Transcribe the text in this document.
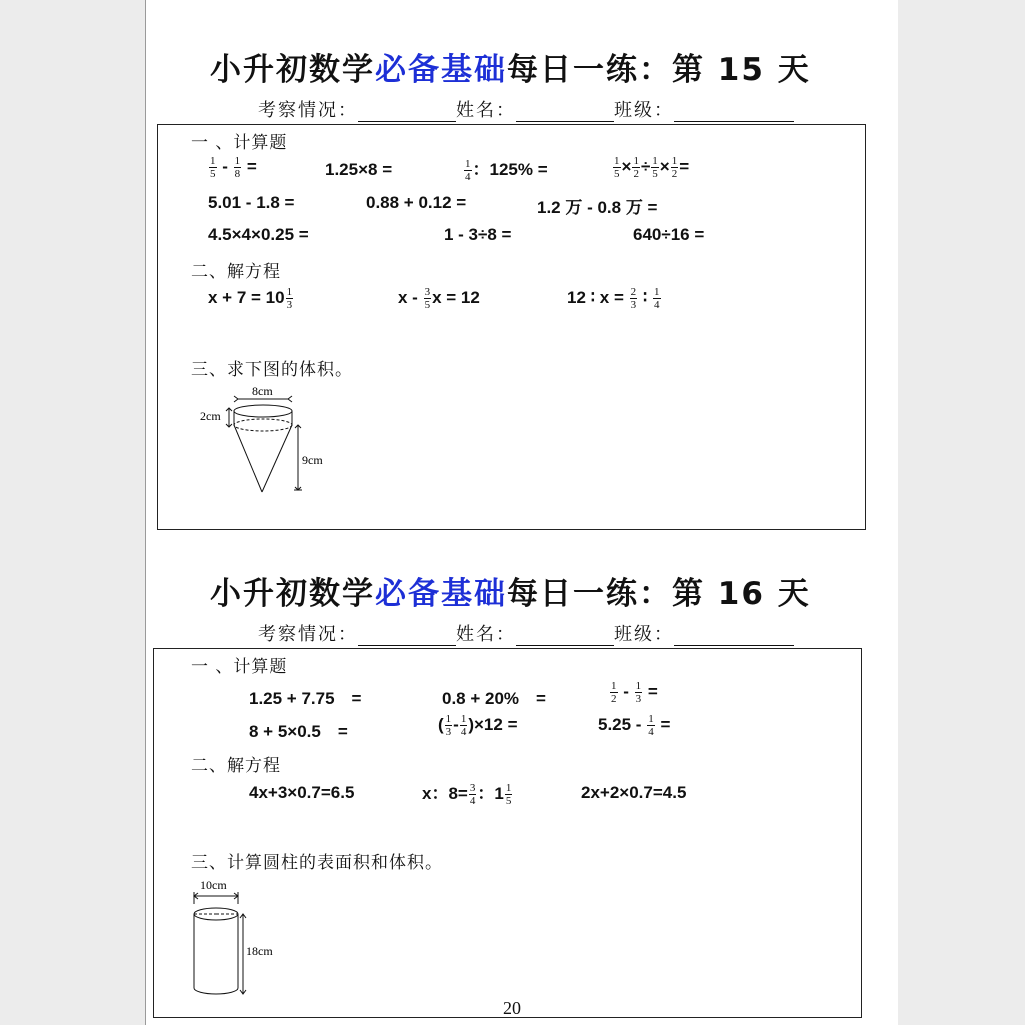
小升初数学必备基础每日一练：第 15 天
考察情况：	姓名：	班级：
一 、计算题
$\frac{1}{5} - \frac{1}{8}$ =	1.25×8 =	$\frac{1}{4}$ ：125% =	$\frac{1}{5} \times \frac{1}{2} \div \frac{1}{5} \times \frac{1}{2}$ =
5.01 - 1.8 =	0.88 + 0.12 =	1.2 万 - 0.8 万 =
4.5×4×0.25 =	1 - 3÷8 =	640÷16 =
二、解方程
$x + 7 = 10 \frac{1}{3}$	x - $\frac{3}{5}$ x = 12	12 ∶ $x = \frac{2}{3}$ ∶ $\frac{1}{4}$
三、求下图的体积。
8cm
2cm
9cm
小升初数学必备基础每日一练：第 16 天
考察情况：	姓名：	班级：
一 、计算题
1.25 + 7.75　=	0.8 + 20%　=	$\frac{1}{2} - \frac{1}{3}$ =
8 + 5×0.5　=	( $\frac{1}{3} - \frac{1}{4} )\times 12$ =	$5.25 - \frac{1}{4}$ =
二、解方程
4x+3×0.7=6.5	x：$8= \frac{3}{4}$ ：$1 \frac{1}{5}$	2x+2×0.7=4.5
三、计算圆柱的表面积和体积。
10cm
18cm
20
